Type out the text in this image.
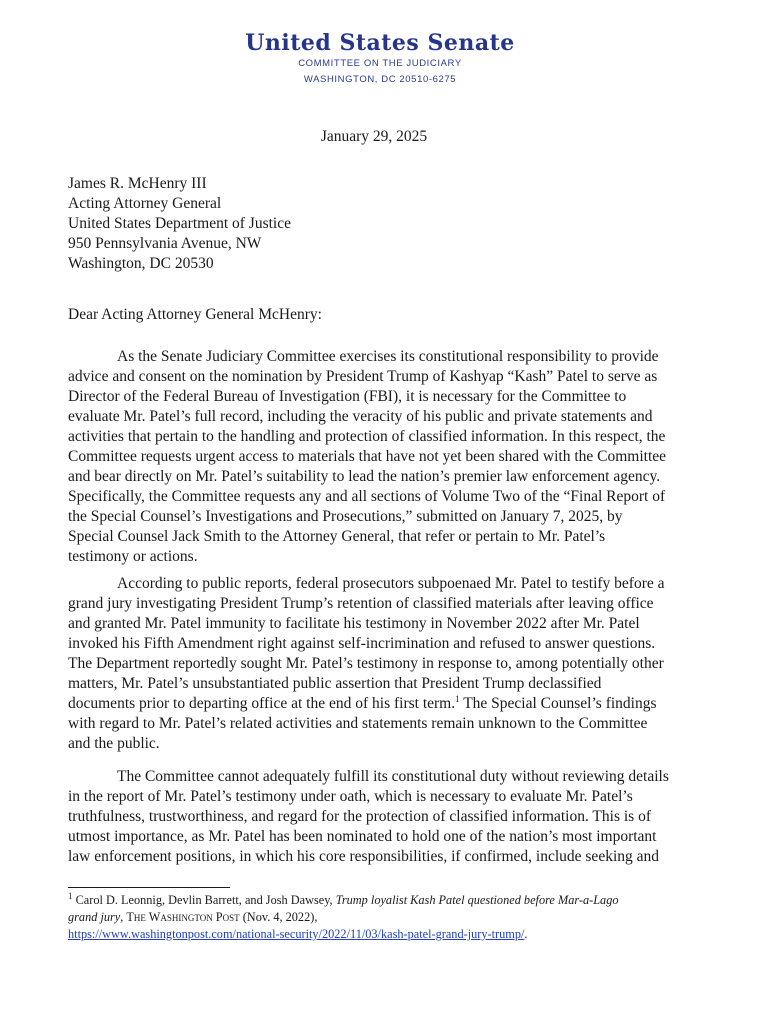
United States Senate
COMMITTEE ON THE JUDICIARY
WASHINGTON, DC 20510-6275
January 29, 2025
James R. McHenry III
Acting Attorney General
United States Department of Justice
950 Pennsylvania Avenue, NW
Washington, DC 20530
Dear Acting Attorney General McHenry:
As the Senate Judiciary Committee exercises its constitutional responsibility to provide
advice and consent on the nomination by President Trump of Kashyap “Kash” Patel to serve as
Director of the Federal Bureau of Investigation (FBI), it is necessary for the Committee to
evaluate Mr. Patel’s full record, including the veracity of his public and private statements and
activities that pertain to the handling and protection of classified information. In this respect, the
Committee requests urgent access to materials that have not yet been shared with the Committee
and bear directly on Mr. Patel’s suitability to lead the nation’s premier law enforcement agency.
Specifically, the Committee requests any and all sections of Volume Two of the “Final Report of
the Special Counsel’s Investigations and Prosecutions,” submitted on January 7, 2025, by
Special Counsel Jack Smith to the Attorney General, that refer or pertain to Mr. Patel’s
testimony or actions.
According to public reports, federal prosecutors subpoenaed Mr. Patel to testify before a
grand jury investigating President Trump’s retention of classified materials after leaving office
and granted Mr. Patel immunity to facilitate his testimony in November 2022 after Mr. Patel
invoked his Fifth Amendment right against self-incrimination and refused to answer questions.
The Department reportedly sought Mr. Patel’s testimony in response to, among potentially other
matters, Mr. Patel’s unsubstantiated public assertion that President Trump declassified
documents prior to departing office at the end of his first term.$^1$ The Special Counsel’s findings
with regard to Mr. Patel’s related activities and statements remain unknown to the Committee
and the public.
The Committee cannot adequately fulfill its constitutional duty without reviewing details
in the report of Mr. Patel’s testimony under oath, which is necessary to evaluate Mr. Patel’s
truthfulness, trustworthiness, and regard for the protection of classified information. This is of
utmost importance, as Mr. Patel has been nominated to hold one of the nation’s most important
law enforcement positions, in which his core responsibilities, if confirmed, include seeking and
$^1$ Carol D. Leonnig, Devlin Barrett, and Josh Dawsey, Trump loyalist Kash Patel questioned before Mar-a-Lago
grand jury, The Washington Post (Nov. 4, 2022),
https://www.washingtonpost.com/national-security/2022/11/03/kash-patel-grand-jury-trump/.
